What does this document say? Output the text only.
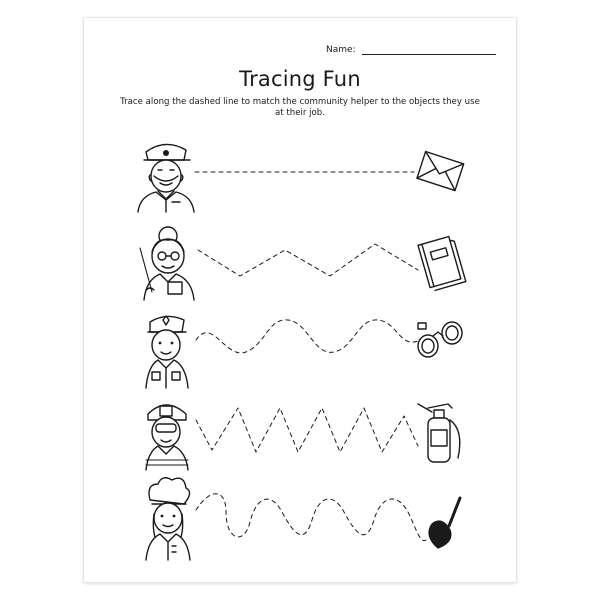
Name:
Tracing Fun
Trace along the dashed line to match the community helper to the objects they use at their job.
